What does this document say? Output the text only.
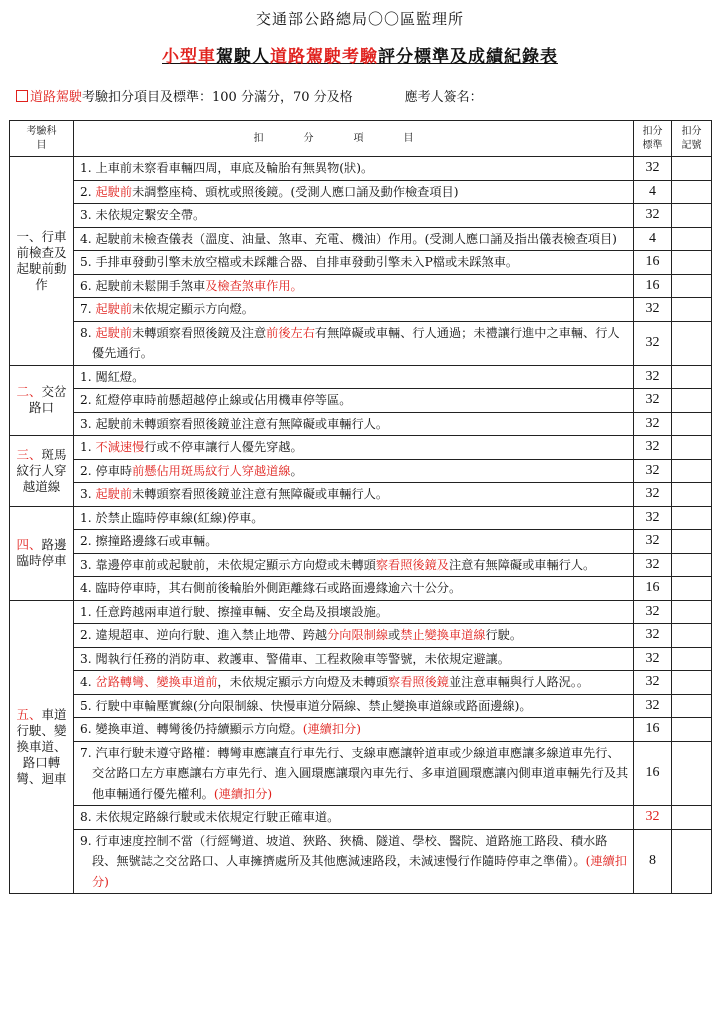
交通部公路總局〇〇區監理所
小型車駕駛人道路駕駛考驗評分標準及成績紀錄表
道路駕駛 考驗扣分項目及標準：100 分滿分，70 分及格	應考人簽名：
考驗科目	扣分項目	扣分標準	扣分記號
一、行車前檢查及起駛前動作	1. 上車前未察看車輛四周，車底及輪胎有無異物(狀)。	32	

	2. 起駛前未調整座椅、頭枕或照後鏡。(受測人應口誦及動作檢查項目)	4	

	3. 未依規定繫安全帶。	32	

	4. 起駛前未檢查儀表（溫度、油量、煞車、充電、機油）作用。(受測人應口誦及指出儀表檢查項目)	4	

	5. 手排車發動引擎未放空檔或未踩離合器、自排車發動引擎未入P檔或未踩煞車。	16	

	6. 起駛前未鬆開手煞車及檢查煞車作用。	16	

	7. 起駛前未依規定顯示方向燈。	32	

	8. 起駛前未轉頭察看照後鏡及注意前後左右有無障礙或車輛、行人通過；未禮讓行進中之車輛、行人優先通行。	32	
二、交岔路口	1. 闖紅燈。	32	

	2. 紅燈停車時前懸超越停止線或佔用機車停等區。	32	

	3. 起駛前未轉頭察看照後鏡並注意有無障礙或車輛行人。	32	
三、斑馬紋行人穿越道線	1. 不減速慢行或不停車讓行人優先穿越。	32	

	2. 停車時前懸佔用斑馬紋行人穿越道線。	32	

	3. 起駛前未轉頭察看照後鏡並注意有無障礙或車輛行人。	32	
四、路邊臨時停車	1. 於禁止臨時停車線(紅線)停車。	32	

	2. 擦撞路邊緣石或車輛。	32	

	3. 靠邊停車前或起駛前，未依規定顯示方向燈或未轉頭察看照後鏡及注意有無障礙或車輛行人。	32	

	4. 臨時停車時，其右側前後輪胎外側距離緣石或路面邊緣逾六十公分。	16	
五、車道行駛、變換車道、路口轉彎、迴車	1. 任意跨越兩車道行駛、擦撞車輛、安全島及損壞設施。	32	

	2. 違規超車、逆向行駛、進入禁止地帶、跨越分向限制線或禁止變換車道線行駛。	32	

	3. 聞執行任務的消防車、救護車、警備車、工程救險車等警號，未依規定避讓。	32	

	4. 岔路轉彎、變換車道前，未依規定顯示方向燈及未轉頭察看照後鏡並注意車輛與行人路況。。	32	

	5. 行駛中車輪壓實線(分向限制線、快慢車道分隔線、禁止變換車道線或路面邊線)。	32	

	6. 變換車道、轉彎後仍持續顯示方向燈。(連續扣分)	16	

	7. 汽車行駛未遵守路權：轉彎車應讓直行車先行、支線車應讓幹道車或少線道車應讓多線道車先行、交岔路口左方車應讓右方車先行、進入圓環應讓環內車先行、多車道圓環應讓內側車道車輛先行及其他車輛通行優先權利。(連續扣分)	16	

	8. 未依規定路線行駛或未依規定行駛正確車道。	32	

	9. 行車速度控制不當（行經彎道、坡道、狹路、狹橋、隧道、學校、醫院、道路施工路段、積水路段、無號誌之交岔路口、人車擁擠處所及其他應減速路段，未減速慢行作隨時停車之準備）。(連續扣分)	8	
